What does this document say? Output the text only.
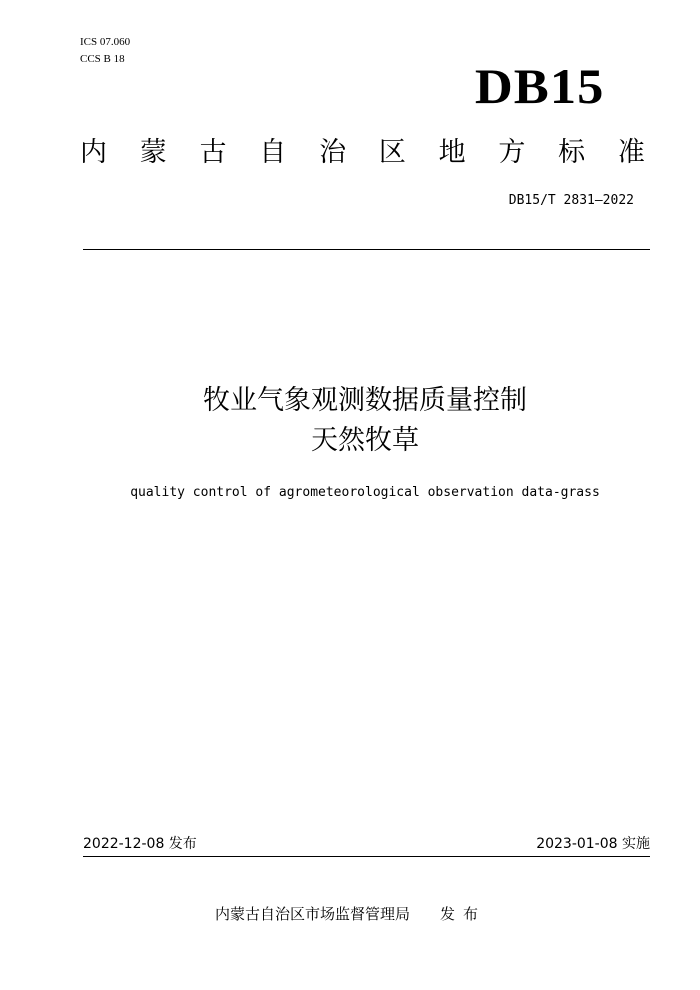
ICS 07.060
CCS B 18	DB15
内 蒙 古 自 治 区 地 方 标 准
DB15/T 2831—2022
牧业气象观测数据质量控制
天然牧草
quality control of agrometeorological observation data-grass
2022-12-08 发布	2023-01-08 实施
内蒙古自治区市场监督管理局 发布
